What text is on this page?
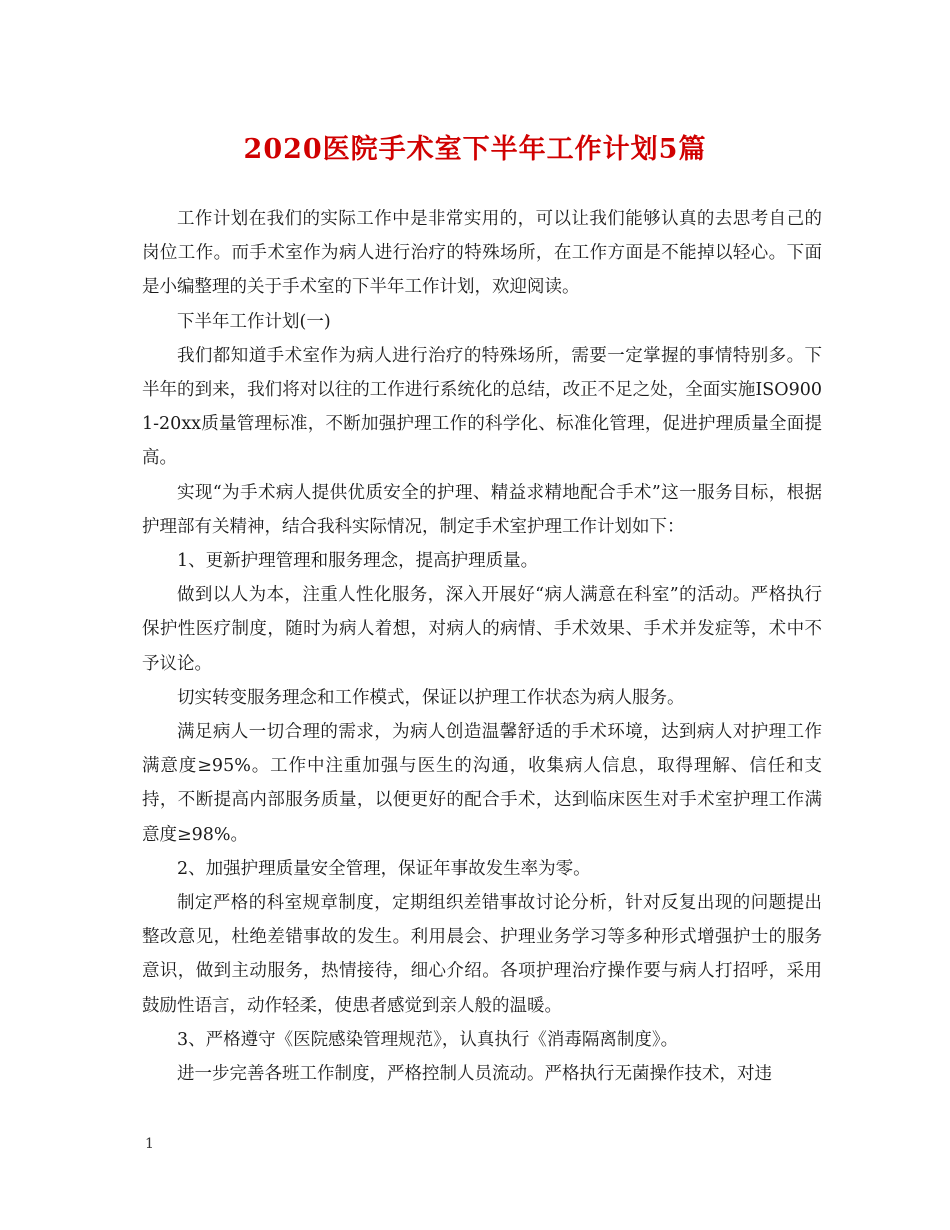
2020医院手术室下半年工作计划5篇

工作计划在我们的实际工作中是非常实用的，可以让我们能够认真的去思考自己的岗位工作。而手术室作为病人进行治疗的特殊场所，在工作方面是不能掉以轻心。下面是小编整理的关于手术室的下半年工作计划，欢迎阅读。

下半年工作计划(一)

我们都知道手术室作为病人进行治疗的特殊场所，需要一定掌握的事情特别多。下半年的到来，我们将对以往的工作进行系统化的总结，改正不足之处，全面实施ISO9001-20xx质量管理标准，不断加强护理工作的科学化、标准化管理，促进护理质量全面提高。

实现“为手术病人提供优质安全的护理、精益求精地配合手术”这一服务目标，根据护理部有关精神，结合我科实际情况，制定手术室护理工作计划如下：

1、更新护理管理和服务理念，提高护理质量。

做到以人为本，注重人性化服务，深入开展好“病人满意在科室”的活动。严格执行保护性医疗制度，随时为病人着想，对病人的病情、手术效果、手术并发症等，术中不予议论。

切实转变服务理念和工作模式，保证以护理工作状态为病人服务。

满足病人一切合理的需求，为病人创造温馨舒适的手术环境，达到病人对护理工作满意度≥95%。工作中注重加强与医生的沟通，收集病人信息，取得理解、信任和支持，不断提高内部服务质量，以便更好的配合手术，达到临床医生对手术室护理工作满意度≥98%。

2、加强护理质量安全管理，保证年事故发生率为零。

制定严格的科室规章制度，定期组织差错事故讨论分析，针对反复出现的问题提出整改意见，杜绝差错事故的发生。利用晨会、护理业务学习等多种形式增强护士的服务意识，做到主动服务，热情接待，细心介绍。各项护理治疗操作要与病人打招呼，采用鼓励性语言，动作轻柔，使患者感觉到亲人般的温暖。

3、严格遵守《医院感染管理规范》，认真执行《消毒隔离制度》。

进一步完善各班工作制度，严格控制人员流动。严格执行无菌操作技术，对违

1
